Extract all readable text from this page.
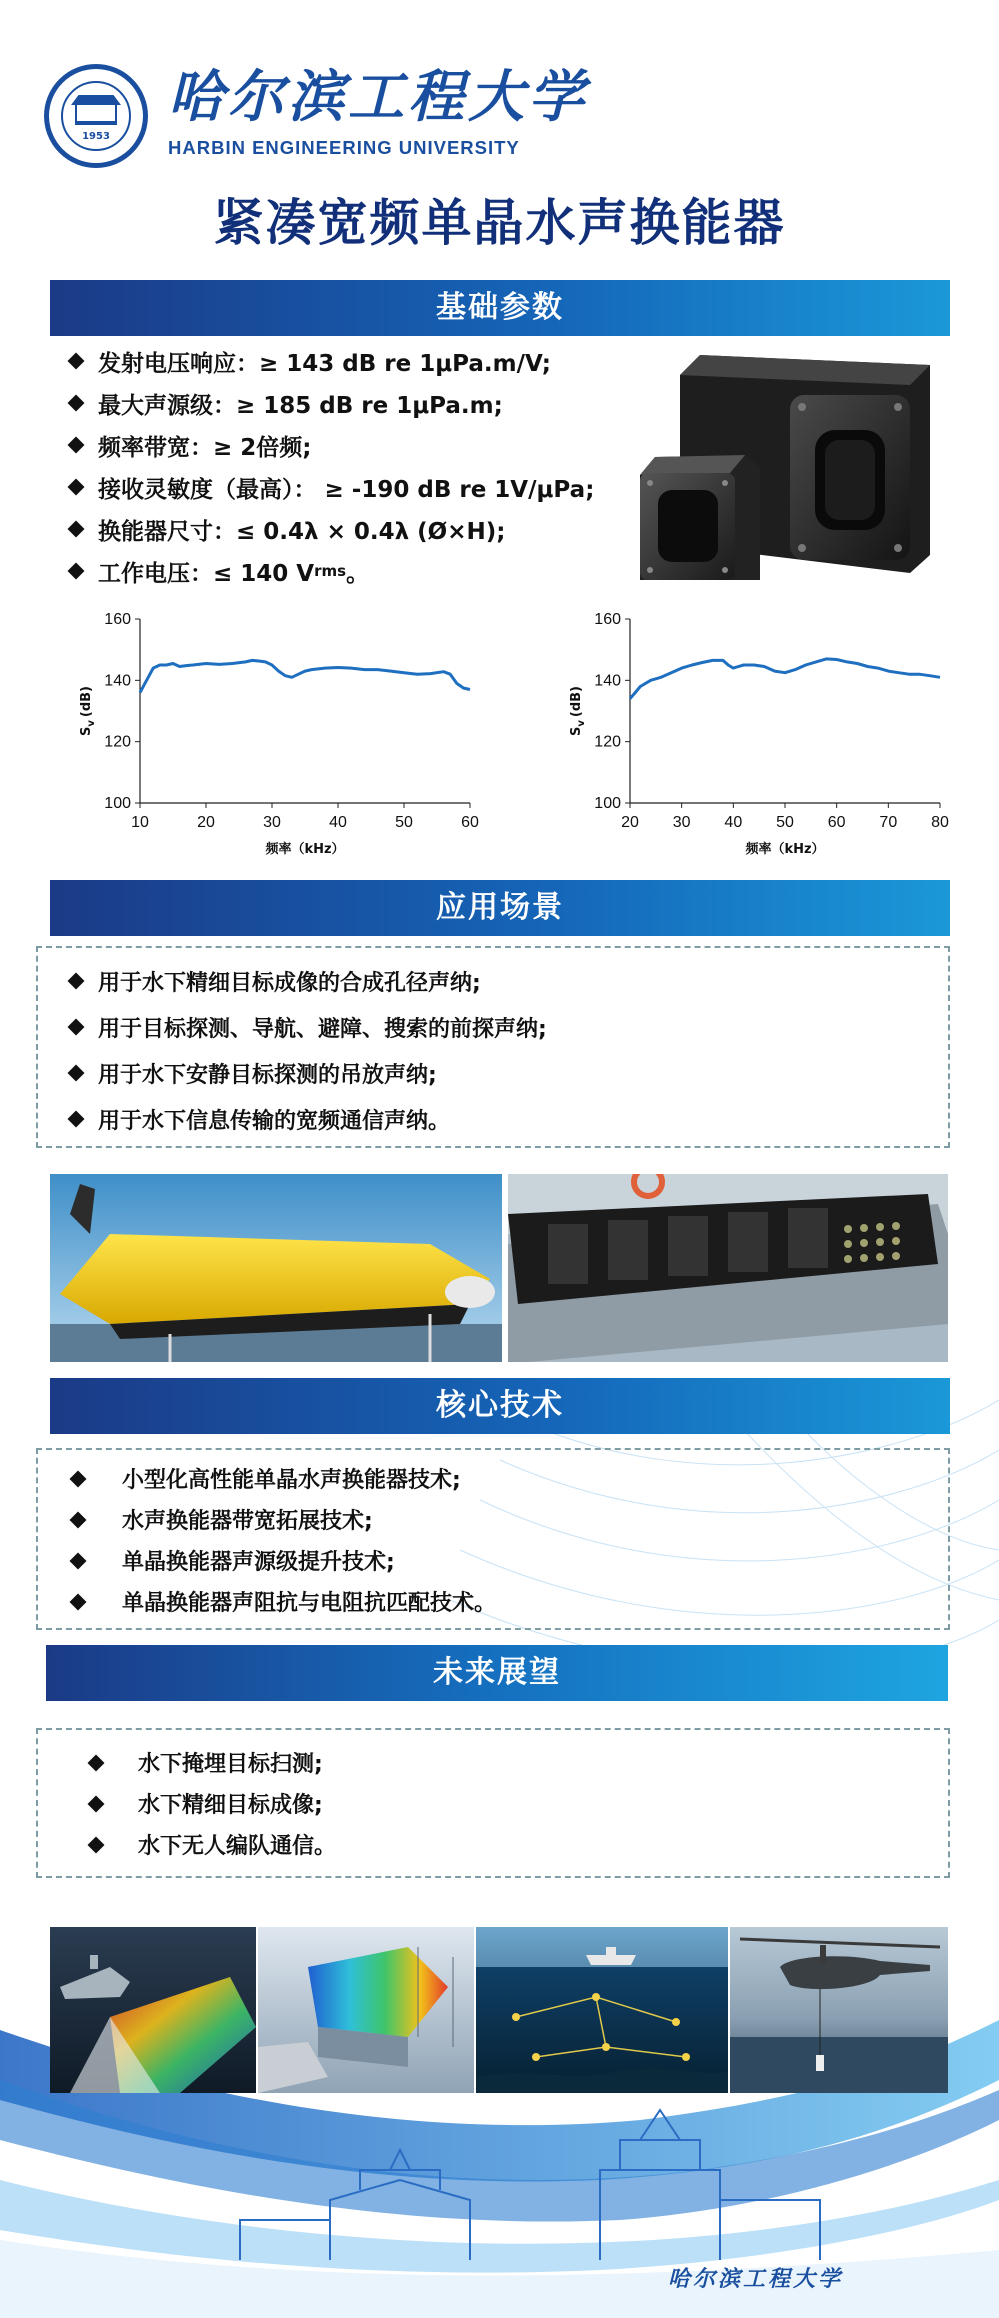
1953
哈尔滨工程大学
HARBIN ENGINEERING UNIVERSITY
紧凑宽频单晶水声换能器
基础参数
发射电压响应：≥ 143 dB re 1μPa.m/V;
最大声源级：≥ 185 dB re 1μPa.m;
频率带宽：≥ 2倍频;
接收灵敏度（最高）： ≥ -190 dB re 1V/μPa;
换能器尺寸：≤ 0.4λ × 0.4λ (Ø×H);
工作电压：≤ 140 V rms 。
100
120
140
160
10	20	30	40	50	60
频率（kHz）
$S_v(dB)$
100
120
140
160
20 30 40 50 60 70 80
频率（kHz）
$S_v(dB)$
应用场景
用于水下精细目标成像的合成孔径声纳;
用于目标探测、导航、避障、搜索的前探声纳;
用于水下安静目标探测的吊放声纳;
用于水下信息传输的宽频通信声纳。
核心技术
小型化高性能单晶水声换能器技术;
水声换能器带宽拓展技术;
单晶换能器声源级提升技术;
单晶换能器声阻抗与电阻抗匹配技术。
未来展望
水下掩埋目标扫测;
水下精细目标成像;
水下无人编队通信。
哈尔滨工程大学
